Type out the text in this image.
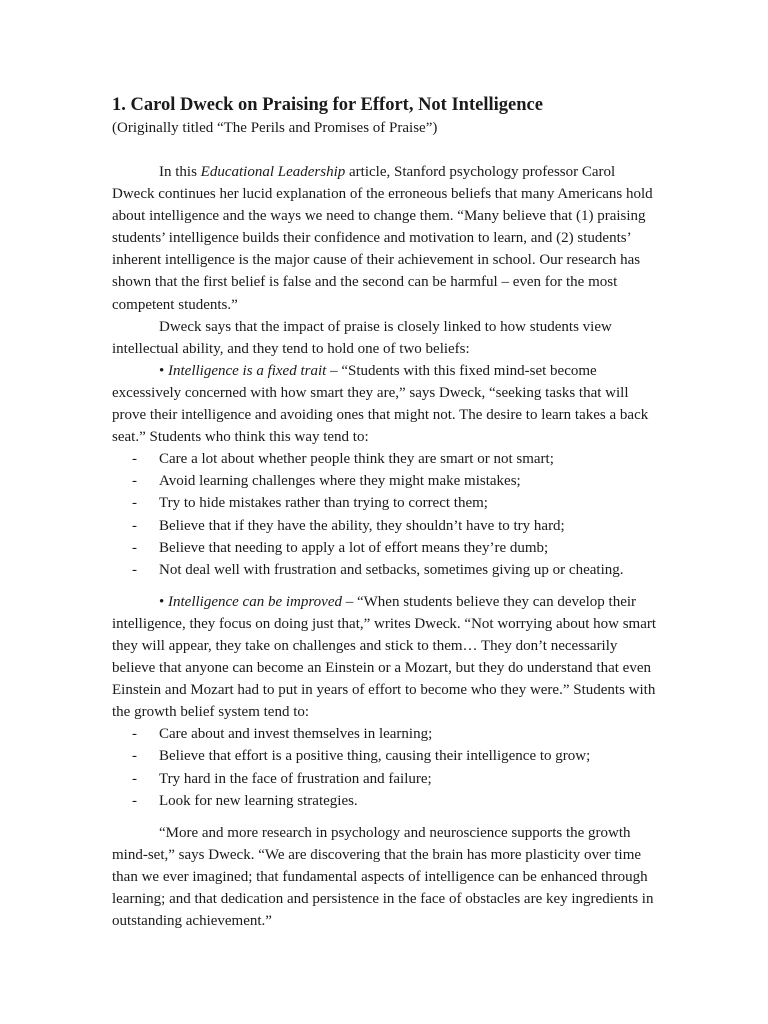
1. Carol Dweck on Praising for Effort, Not Intelligence

(Originally titled “The Perils and Promises of Praise”)

In this Educational Leadership article, Stanford psychology professor Carol Dweck continues her lucid explanation of the erroneous beliefs that many Americans hold about intelligence and the ways we need to change them. “Many believe that (1) praising students’ intelligence builds their confidence and motivation to learn, and (2) students’ inherent intelligence is the major cause of their achievement in school. Our research has shown that the first belief is false and the second can be harmful – even for the most competent students.”

Dweck says that the impact of praise is closely linked to how students view intellectual ability, and they tend to hold one of two beliefs:

• Intelligence is a fixed trait – “Students with this fixed mind-set become excessively concerned with how smart they are,” says Dweck, “seeking tasks that will prove their intelligence and avoiding ones that might not. The desire to learn takes a back seat.” Students who think this way tend to:

-	Care a lot about whether people think they are smart or not smart;
-	Avoid learning challenges where they might make mistakes;
-	Try to hide mistakes rather than trying to correct them;
-	Believe that if they have the ability, they shouldn’t have to try hard;
-	Believe that needing to apply a lot of effort means they’re dumb;
-	Not deal well with frustration and setbacks, sometimes giving up or cheating.

• Intelligence can be improved – “When students believe they can develop their intelligence, they focus on doing just that,” writes Dweck. “Not worrying about how smart they will appear, they take on challenges and stick to them… They don’t necessarily believe that anyone can become an Einstein or a Mozart, but they do understand that even Einstein and Mozart had to put in years of effort to become who they were.” Students with the growth belief system tend to:

-	Care about and invest themselves in learning;
-	Believe that effort is a positive thing, causing their intelligence to grow;
-	Try hard in the face of frustration and failure;
-	Look for new learning strategies.

“More and more research in psychology and neuroscience supports the growth mind-set,” says Dweck. “We are discovering that the brain has more plasticity over time than we ever imagined; that fundamental aspects of intelligence can be enhanced through learning; and that dedication and persistence in the face of obstacles are key ingredients in outstanding achievement.”
